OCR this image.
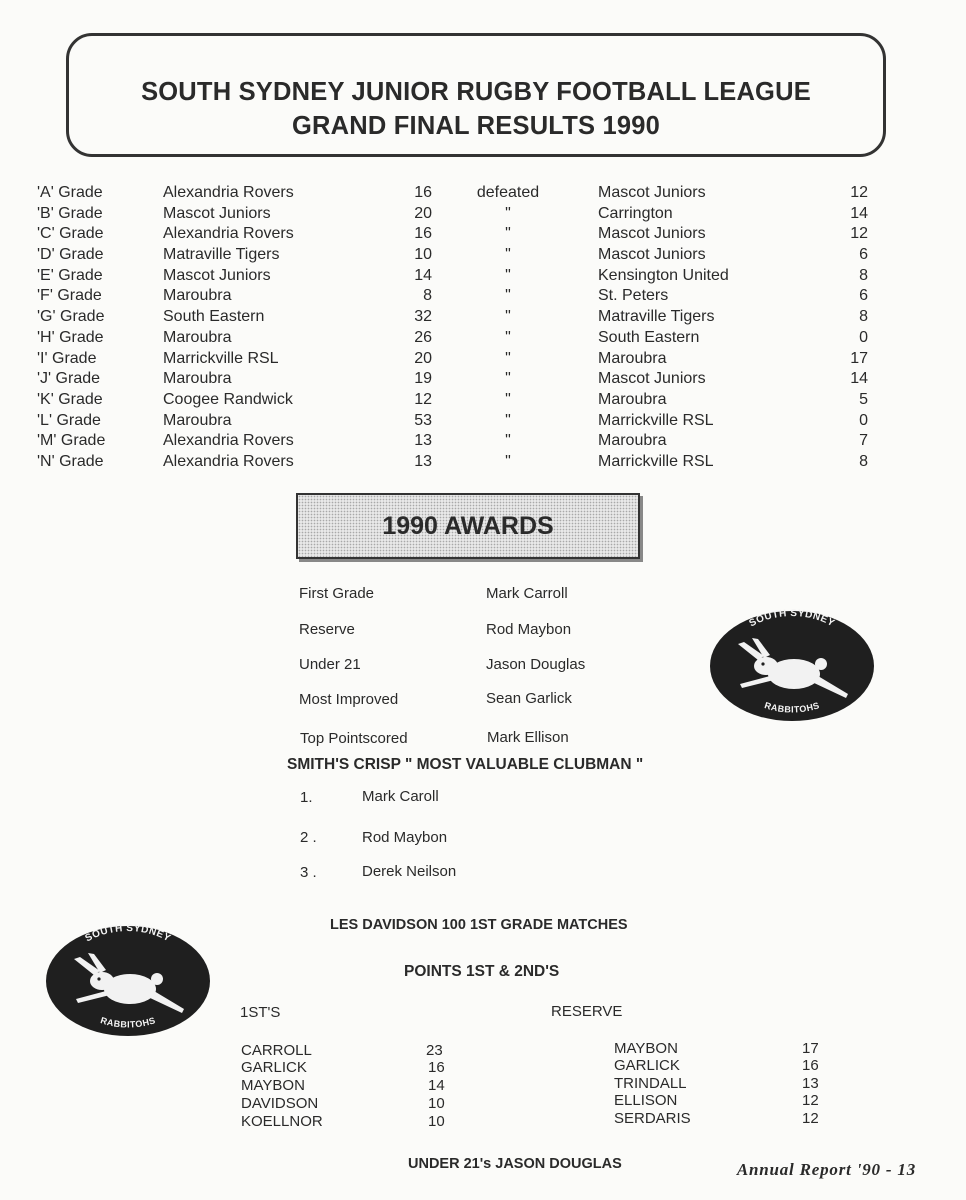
SOUTH SYDNEY JUNIOR RUGBY FOOTBALL LEAGUE
GRAND FINAL RESULTS 1990
'A' Grade	Alexandria Rovers	16	defeated	Mascot Juniors	12
'B' Grade	Mascot Juniors	20	"	Carrington	14
'C' Grade	Alexandria Rovers	16	"	Mascot Juniors	12
'D' Grade	Matraville Tigers	10	"	Mascot Juniors	6
'E' Grade	Mascot Juniors	14	"	Kensington United	8
'F' Grade	Maroubra	8	"	St. Peters	6
'G' Grade	South Eastern	32	"	Matraville Tigers	8
'H' Grade	Maroubra	26	"	South Eastern	0
'I' Grade	Marrickville RSL	20	"	Maroubra	17
'J' Grade	Maroubra	19	"	Mascot Juniors	14
'K' Grade	Coogee Randwick	12	"	Maroubra	5
'L' Grade	Maroubra	53	"	Marrickville RSL	0
'M' Grade	Alexandria Rovers	13	"	Maroubra	7
'N' Grade	Alexandria Rovers	13	"	Marrickville RSL	8
1990 AWARDS
First Grade	Mark Carroll
Reserve	Rod Maybon
Under 21	Jason Douglas
Most Improved	Sean Garlick
Top Pointscored	Mark Ellison
SMITH'S CRISP " MOST VALUABLE CLUBMAN "
1.	Mark Caroll
2 .	Rod Maybon
3 .	Derek Neilson
LES DAVIDSON 100 1ST GRADE MATCHES
POINTS 1ST & 2ND'S
1ST'S	RESERVE
CARROLL	23
GARLICK	16
MAYBON	14
DAVIDSON	10
KOELLNOR	10
MAYBON	17
GARLICK	16
TRINDALL	13
ELLISON	12
SERDARIS	12
UNDER 21's JASON DOUGLAS	Annual Report '90 - 13
SOUTH SYDNEY
RABBITOHS
SOUTH SYDNEY
RABBITOHS
